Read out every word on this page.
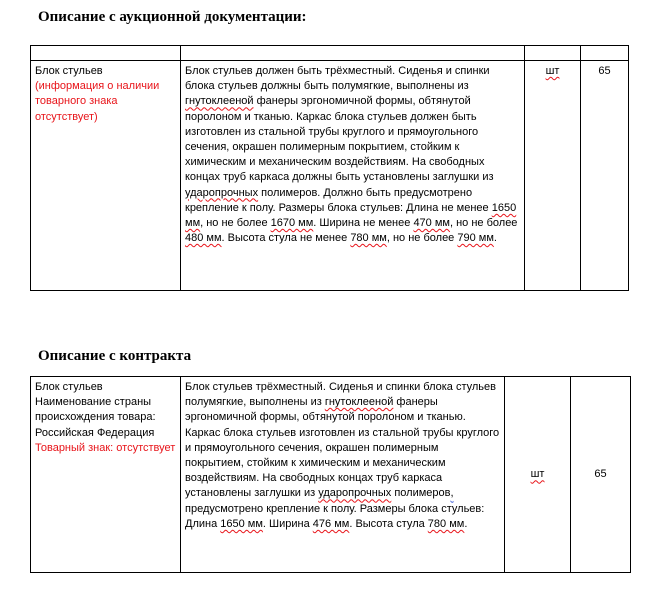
Описание с аукционной документации:

Блок стульев
(информация о наличии товарного знака отсутствует)	Блок стульев должен быть трёхместный. Сиденья и спинки блока стульев должны быть полумягкие, выполнены из гнутоклееной фанеры эргономичной формы, обтянутой поролоном и тканью. Каркас блока стульев должен быть изготовлен из стальной трубы круглого и прямоугольного сечения, окрашен полимерным покрытием, стойким к химическим и механическим воздействиям. На свободных концах труб каркаса должны быть установлены заглушки из ударопрочных полимеров. Должно быть предусмотрено крепление к полу. Размеры блока стульев: Длина не менее 1650 мм, но не более 1670 мм. Ширина не менее 470 мм, но не более 480 мм. Высота стула не менее 780 мм, но не более 790 мм.	шт	65
Описание с контракта
Блок стульев
Наименование страны происхождения товара: Российская Федерация
Товарный знак: отсутствует
	Блок стульев трёхместный. Сиденья и спинки блока стульев полумягкие, выполнены из гнутоклееной фанеры эргономичной формы, обтянутой поролоном и тканью. Каркас блока стульев изготовлен из стальной трубы круглого и прямоугольного сечения, окрашен полимерным покрытием, стойким к химическим и механическим воздействиям. На свободных концах труб каркаса установлены заглушки из ударопрочных полимеров, предусмотрено крепление к полу. Размеры блока стульев: Длина 1650 мм. Ширина 476 мм. Высота стула 780 мм.	шт	65
